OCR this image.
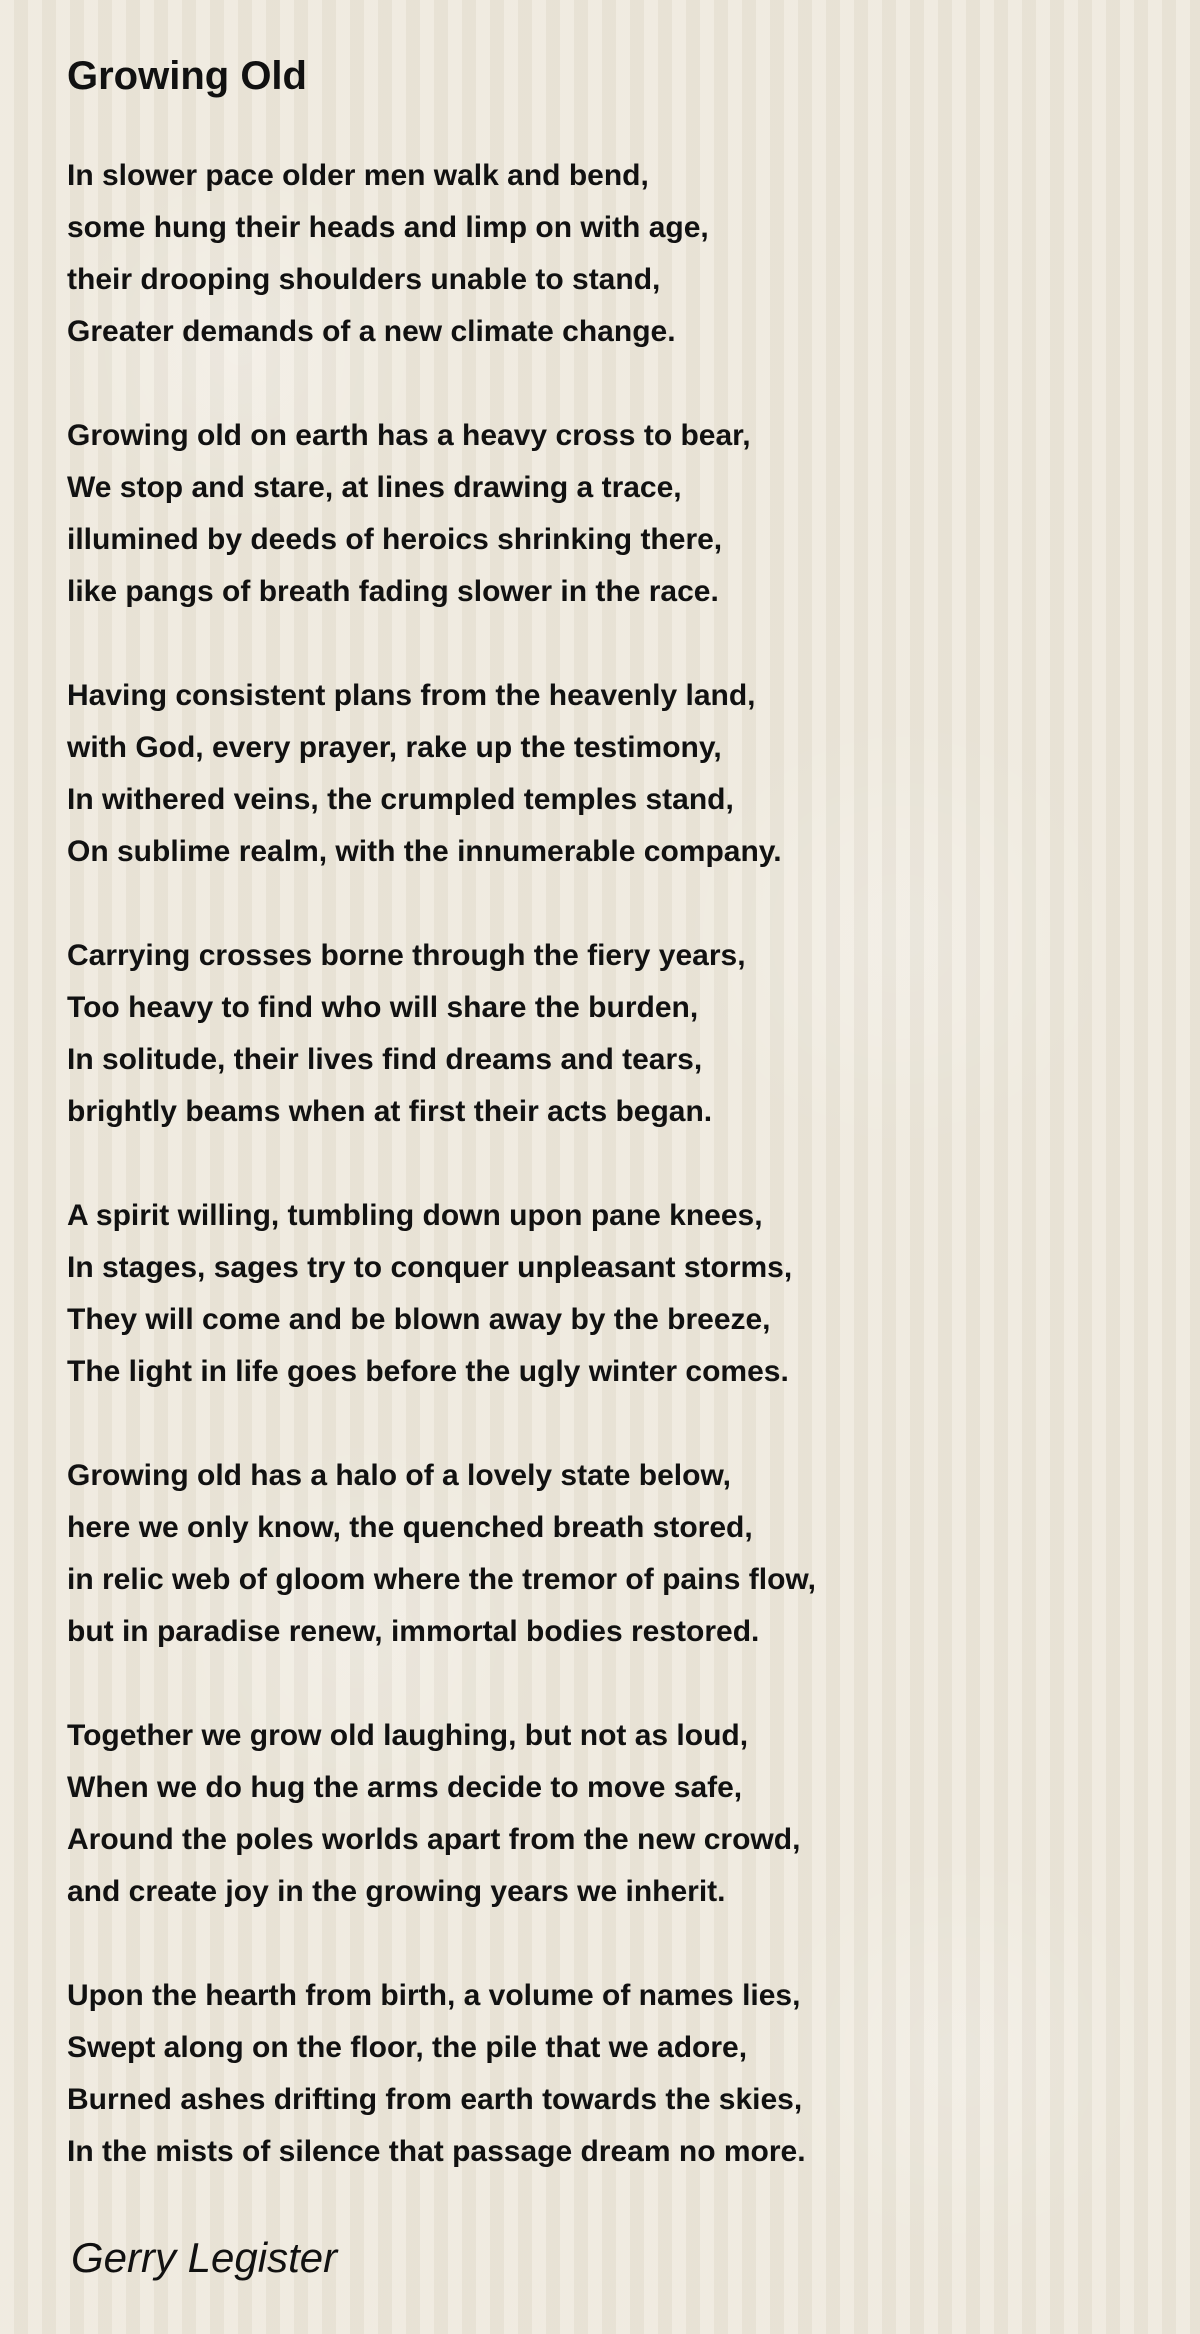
Growing Old
In slower pace older men walk and bend,
some hung their heads and limp on with age,
their drooping shoulders unable to stand,
Greater demands of a new climate change.
Growing old on earth has a heavy cross to bear,
We stop and stare, at lines drawing a trace,
illumined by deeds of heroics shrinking there,
like pangs of breath fading slower in the race.
Having consistent plans from the heavenly land,
with God, every prayer, rake up the testimony,
In withered veins, the crumpled temples stand,
On sublime realm, with the innumerable company.
Carrying crosses borne through the fiery years,
Too heavy to find who will share the burden,
In solitude, their lives find dreams and tears,
brightly beams when at first their acts began.
A spirit willing, tumbling down upon pane knees,
In stages, sages try to conquer unpleasant storms,
They will come and be blown away by the breeze,
The light in life goes before the ugly winter comes.
Growing old has a halo of a lovely state below,
here we only know, the quenched breath stored,
in relic web of gloom where the tremor of pains flow,
but in paradise renew, immortal bodies restored.
Together we grow old laughing, but not as loud,
When we do hug the arms decide to move safe,
Around the poles worlds apart from the new crowd,
and create joy in the growing years we inherit.
Upon the hearth from birth, a volume of names lies,
Swept along on the floor, the pile that we adore,
Burned ashes drifting from earth towards the skies,
In the mists of silence that passage dream no more.

Gerry Legister
